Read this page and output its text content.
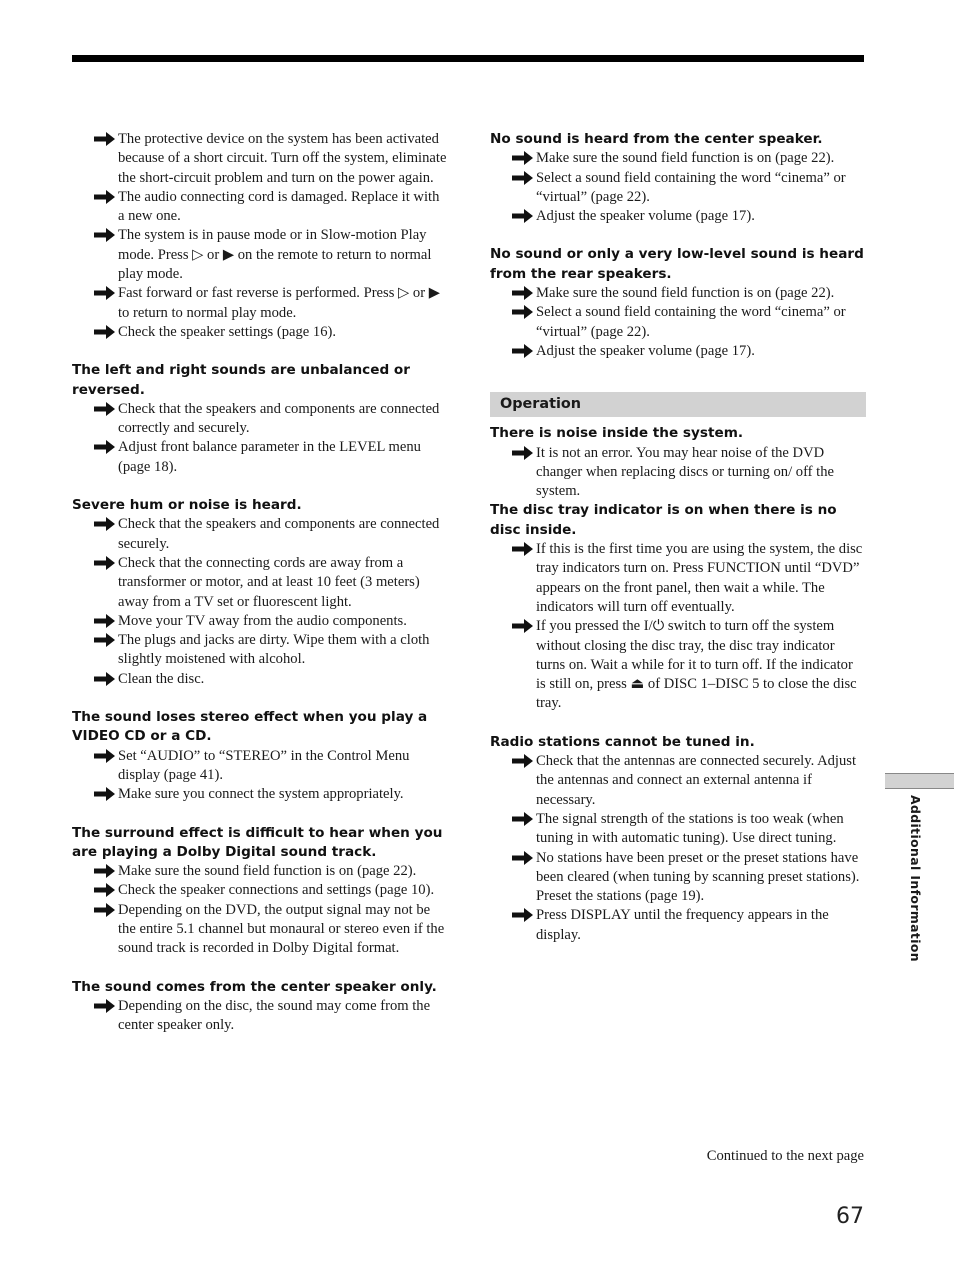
The protective device on the system has been activated because of a short circuit. Turn off the system, eliminate the short-circuit problem and turn on the power again.
The audio connecting cord is damaged. Replace it with a new one.
The system is in pause mode or in Slow-motion Play mode. Press ▷ or ▶ on the remote to return to normal play mode.
Fast forward or fast reverse is performed. Press ▷ or ▶ to return to normal play mode.
Check the speaker settings (page 16).
The left and right sounds are unbalanced or reversed.
Check that the speakers and components are connected correctly and securely.
Adjust front balance parameter in the LEVEL menu (page 18).
Severe hum or noise is heard.
Check that the speakers and components are connected securely.
Check that the connecting cords are away from a transformer or motor, and at least 10 feet (3 meters) away from a TV set or fluorescent light.
Move your TV away from the audio components.
The plugs and jacks are dirty. Wipe them with a cloth slightly moistened with alcohol.
Clean the disc.
The sound loses stereo effect when you play a VIDEO CD or a CD.
Set “AUDIO” to “STEREO” in the Control Menu display (page 41).
Make sure you connect the system appropriately.
The surround effect is difficult to hear when you are playing a Dolby Digital sound track.
Make sure the sound field function is on (page 22).
Check the speaker connections and settings (page 10).
Depending on the DVD, the output signal may not be the entire 5.1 channel but monaural or stereo even if the sound track is recorded in Dolby Digital format.
The sound comes from the center speaker only.
Depending on the disc, the sound may come from the center speaker only.
No sound is heard from the center speaker.
Make sure the sound field function is on (page 22).
Select a sound field containing the word “cinema” or “virtual” (page 22).
Adjust the speaker volume (page 17).
No sound or only a very low-level sound is heard from the rear speakers.
Make sure the sound field function is on (page 22).
Select a sound field containing the word “cinema” or “virtual” (page 22).
Adjust the speaker volume (page 17).
Operation
There is noise inside the system.
It is not an error. You may hear noise of the DVD changer when replacing discs or turning on/ off the system.
The disc tray indicator is on when there is no disc inside.
If this is the first time you are using the system, the disc tray indicators turn on. Press FUNCTION until “DVD” appears on the front panel, then wait a while. The indicators will turn off eventually.
If you pressed the I/⏻ switch to turn off the system without closing the disc tray, the disc tray indicator turns on. Wait a while for it to turn off. If the indicator is still on, press ⏏ of DISC 1–DISC 5 to close the disc tray.
Radio stations cannot be tuned in.
Check that the antennas are connected securely. Adjust the antennas and connect an external antenna if necessary.
The signal strength of the stations is too weak (when tuning in with automatic tuning). Use direct tuning.
No stations have been preset or the preset stations have been cleared (when tuning by scanning preset stations). Preset the stations (page 19).
Press DISPLAY until the frequency appears in the display.	Additional Information
Continued to the next page
67
